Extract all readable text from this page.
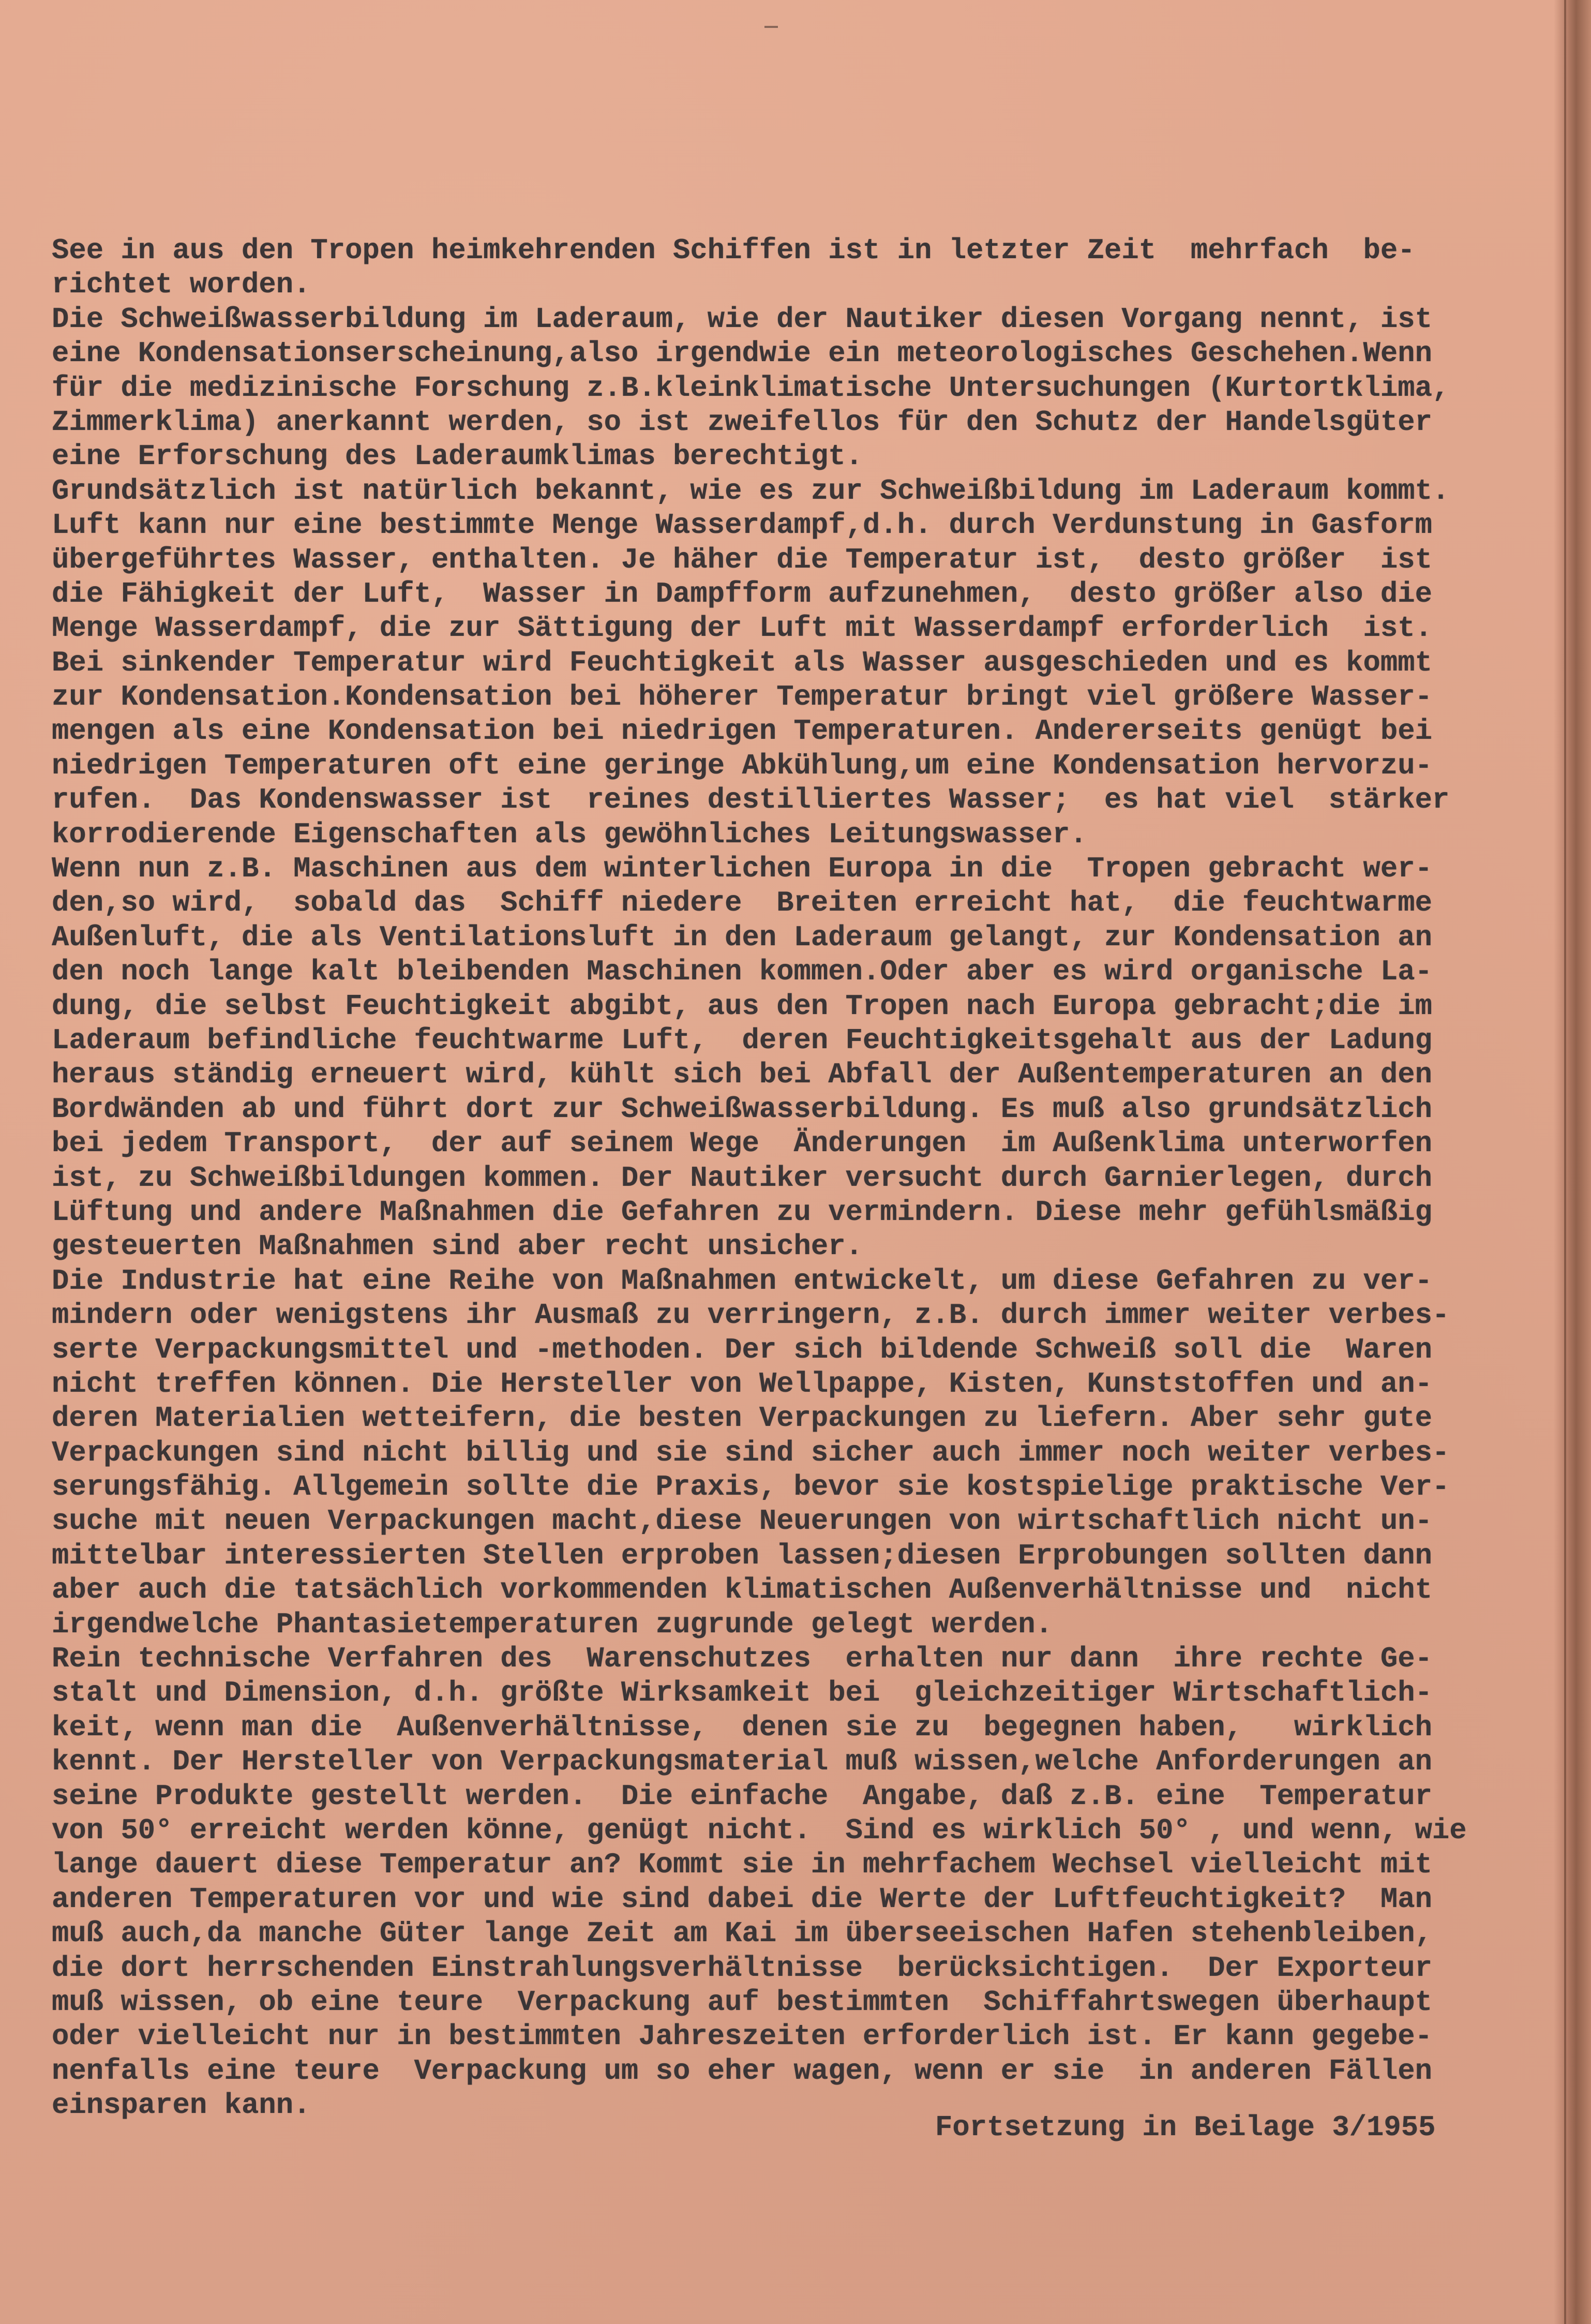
See in aus den Tropen heimkehrenden Schiffen ist in letzter Zeit  mehrfach  be-
richtet worden.
Die Schweißwasserbildung im Laderaum, wie der Nautiker diesen Vorgang nennt, ist
eine Kondensationserscheinung,also irgendwie ein meteorologisches Geschehen.Wenn
für die medizinische Forschung z.B.kleinklimatische Untersuchungen (Kurtortklima,
Zimmerklima) anerkannt werden, so ist zweifellos für den Schutz der Handelsgüter
eine Erforschung des Laderaumklimas berechtigt.
Grundsätzlich ist natürlich bekannt, wie es zur Schweißbildung im Laderaum kommt.
Luft kann nur eine bestimmte Menge Wasserdampf,d.h. durch Verdunstung in Gasform
übergeführtes Wasser, enthalten. Je häher die Temperatur ist,  desto größer  ist
die Fähigkeit der Luft,  Wasser in Dampfform aufzunehmen,  desto größer also die
Menge Wasserdampf, die zur Sättigung der Luft mit Wasserdampf erforderlich  ist.
Bei sinkender Temperatur wird Feuchtigkeit als Wasser ausgeschieden und es kommt
zur Kondensation.Kondensation bei höherer Temperatur bringt viel größere Wasser-
mengen als eine Kondensation bei niedrigen Temperaturen. Andererseits genügt bei
niedrigen Temperaturen oft eine geringe Abkühlung,um eine Kondensation hervorzu-
rufen.  Das Kondenswasser ist  reines destilliertes Wasser;  es hat viel  stärker
korrodierende Eigenschaften als gewöhnliches Leitungswasser.
Wenn nun z.B. Maschinen aus dem winterlichen Europa in die  Tropen gebracht wer-
den,so wird,  sobald das  Schiff niedere  Breiten erreicht hat,  die feuchtwarme
Außenluft, die als Ventilationsluft in den Laderaum gelangt, zur Kondensation an
den noch lange kalt bleibenden Maschinen kommen.Oder aber es wird organische La-
dung, die selbst Feuchtigkeit abgibt, aus den Tropen nach Europa gebracht;die im
Laderaum befindliche feuchtwarme Luft,  deren Feuchtigkeitsgehalt aus der Ladung
heraus ständig erneuert wird, kühlt sich bei Abfall der Außentemperaturen an den
Bordwänden ab und führt dort zur Schweißwasserbildung. Es muß also grundsätzlich
bei jedem Transport,  der auf seinem Wege  Änderungen  im Außenklima unterworfen
ist, zu Schweißbildungen kommen. Der Nautiker versucht durch Garnierlegen, durch
Lüftung und andere Maßnahmen die Gefahren zu vermindern. Diese mehr gefühlsmäßig
gesteuerten Maßnahmen sind aber recht unsicher.
Die Industrie hat eine Reihe von Maßnahmen entwickelt, um diese Gefahren zu ver-
mindern oder wenigstens ihr Ausmaß zu verringern, z.B. durch immer weiter verbes-
serte Verpackungsmittel und -methoden. Der sich bildende Schweiß soll die  Waren
nicht treffen können. Die Hersteller von Wellpappe, Kisten, Kunststoffen und an-
deren Materialien wetteifern, die besten Verpackungen zu liefern. Aber sehr gute
Verpackungen sind nicht billig und sie sind sicher auch immer noch weiter verbes-
serungsfähig. Allgemein sollte die Praxis, bevor sie kostspielige praktische Ver-
suche mit neuen Verpackungen macht,diese Neuerungen von wirtschaftlich nicht un-
mittelbar interessierten Stellen erproben lassen;diesen Erprobungen sollten dann
aber auch die tatsächlich vorkommenden klimatischen Außenverhältnisse und  nicht
irgendwelche Phantasietemperaturen zugrunde gelegt werden.
Rein technische Verfahren des  Warenschutzes  erhalten nur dann  ihre rechte Ge-
stalt und Dimension, d.h. größte Wirksamkeit bei  gleichzeitiger Wirtschaftlich-
keit, wenn man die  Außenverhältnisse,  denen sie zu  begegnen haben,   wirklich
kennt. Der Hersteller von Verpackungsmaterial muß wissen,welche Anforderungen an
seine Produkte gestellt werden.  Die einfache  Angabe, daß z.B. eine  Temperatur
von 50° erreicht werden könne, genügt nicht.  Sind es wirklich 50° , und wenn, wie
lange dauert diese Temperatur an? Kommt sie in mehrfachem Wechsel vielleicht mit
anderen Temperaturen vor und wie sind dabei die Werte der Luftfeuchtigkeit?  Man
muß auch,da manche Güter lange Zeit am Kai im überseeischen Hafen stehenbleiben,
die dort herrschenden Einstrahlungsverhältnisse  berücksichtigen.  Der Exporteur
muß wissen, ob eine teure  Verpackung auf bestimmten  Schiffahrtswegen überhaupt
oder vielleicht nur in bestimmten Jahreszeiten erforderlich ist. Er kann gegebe-
nenfalls eine teure  Verpackung um so eher wagen, wenn er sie  in anderen Fällen
einsparen kann.
Fortsetzung in Beilage 3/1955
